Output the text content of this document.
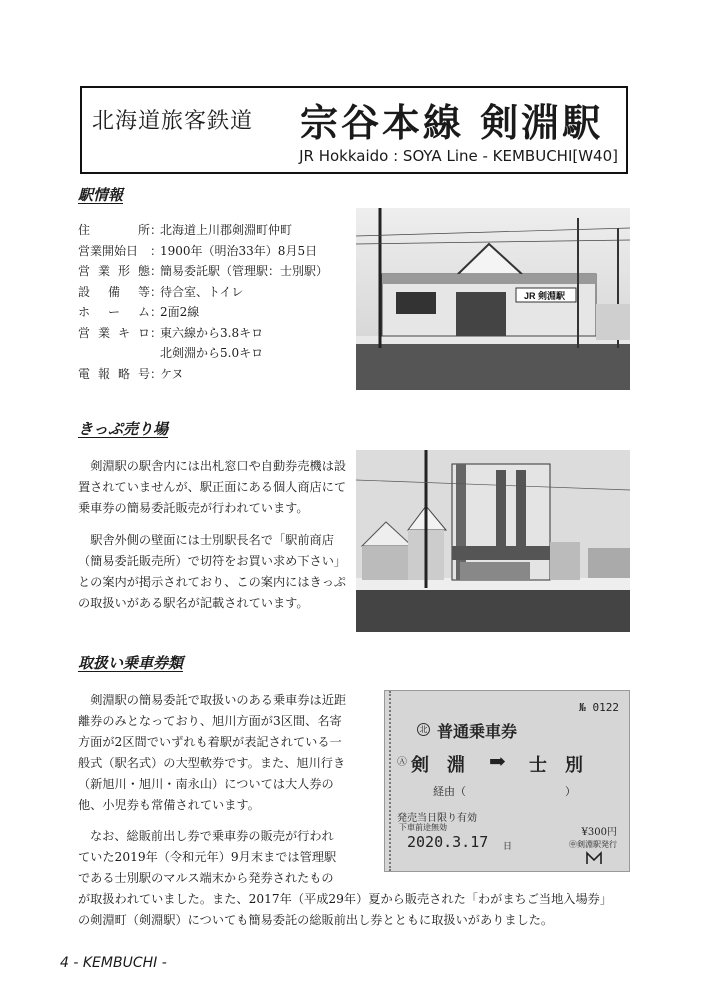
北海道旅客鉄道 宗谷本線 剣淵駅
JR Hokkaido : SOYA Line - KEMBUCHI[W40]
駅情報
住	所 ：
北海道上川郡剣淵町仲町
営業開始日 ：
1900年（明治33年）8月5日
営 業 形 態 ：
簡易委託駅（管理駅：士別駅）
設 備 等 ：
待合室、トイレ
ホ ー ム ：
2面2線
営 業 キ ロ ：
東六線から3.8キロ
北剣淵から5.0キロ
電 報 略 号 ：
ケヌ
JR 剣淵駅
きっぷ売り場
剣淵駅の駅舎内には出札窓口や自動券売機は設置されていませんが、駅正面にある個人商店にて乗車券の簡易委託販売が行われています。
駅舎外側の壁面には士別駅長名で「駅前商店（簡易委託販売所）で切符をお買い求め下さい」との案内が掲示されており、この案内にはきっぷの取扱いがある駅名が記載されています。
取扱い乗車券類
剣淵駅の簡易委託で取扱いのある乗車券は近距離券のみとなっており、旭川方面が3区間、名寄方面が2区間でいずれも着駅が表記されている一般式（駅名式）の大型軟券です。また、旭川行き（新旭川・旭川・南永山）については大人券の他、小児券も常備されています。
なお、総販前出し券で乗車券の販売が行われ
ていた2019年（令和元年）9月末までは管理駅
である士別駅のマルス端末から発券されたもの
が取扱われていました。また、2017年（平成29年）夏から販売された「わがまちご当地入場券」
の剣淵町（剣淵駅）についても簡易委託の総販前出し券とともに取扱いがありました。
№ 0122
北 普通乗車券
Ⓐ 剣　淵 ➡ 士　別
経由（　　　　　　　　　）
発売当日限り有効
下車前途無効
2020.3.17 日
¥300円
㊥剣淵駅発行
4 - KEMBUCHI -
